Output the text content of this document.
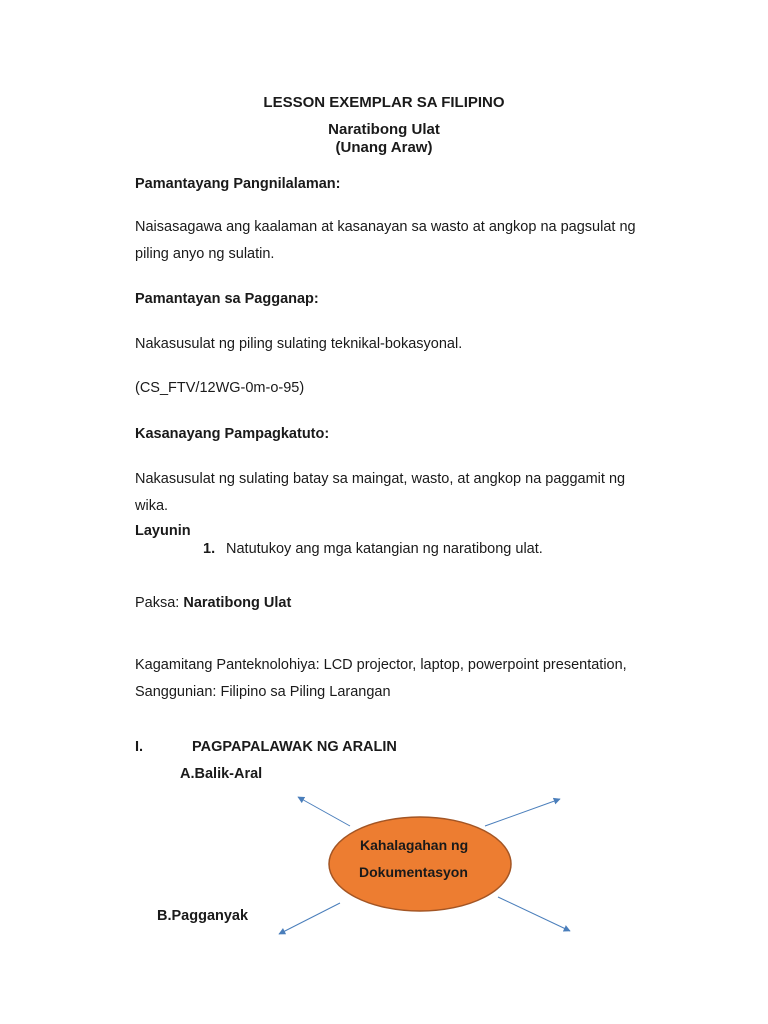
LESSON EXEMPLAR SA FILIPINO
Naratibong Ulat
(Unang Araw)
Pamantayang Pangnilalaman:
Naisasagawa ang kaalaman at kasanayan sa wasto at angkop na pagsulat ng
piling anyo ng sulatin.
Pamantayan sa Pagganap:
Nakasusulat ng piling sulating teknikal-bokasyonal.
(CS_FTV/12WG-0m-o-95)
Kasanayang Pampagkatuto:
Nakasusulat ng sulating batay sa maingat, wasto, at angkop na paggamit ng
wika.
Layunin
1. Natutukoy ang mga katangian ng naratibong ulat.
Paksa: Naratibong Ulat
Kagamitang Panteknolohiya: LCD projector, laptop, powerpoint presentation,
Sanggunian: Filipino sa Piling Larangan
I.	PAGPAPALAWAK NG ARALIN
A.Balik-Aral
B.Pagganyak
Kahalagahan ng
Dokumentasyon
